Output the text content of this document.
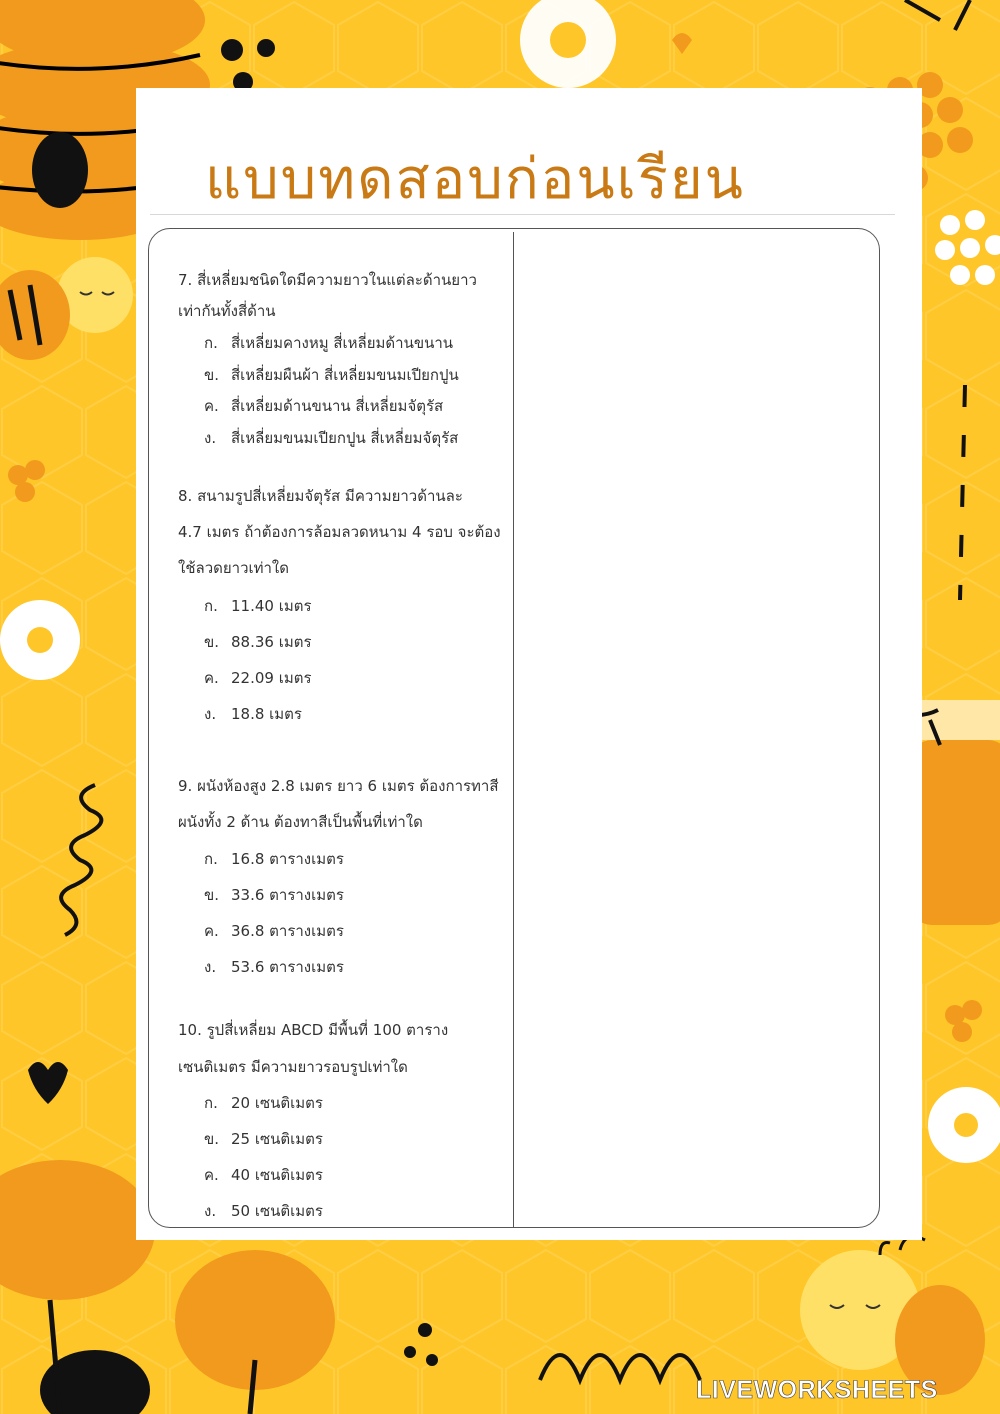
แบบทดสอบก่อนเรียน
7. สี่เหลี่ยมชนิดใดมีความยาวในแต่ละด้านยาว
เท่ากันทั้งสี่ด้าน
ก. สี่เหลี่ยมคางหมู สี่เหลี่ยมด้านขนาน
ข. สี่เหลี่ยมผืนผ้า สี่เหลี่ยมขนมเปียกปูน
ค. สี่เหลี่ยมด้านขนาน สี่เหลี่ยมจัตุรัส
ง. สี่เหลี่ยมขนมเปียกปูน สี่เหลี่ยมจัตุรัส
8. สนามรูปสี่เหลี่ยมจัตุรัส มีความยาวด้านละ
4.7 เมตร ถ้าต้องการล้อมลวดหนาม 4 รอบ จะต้อง
ใช้ลวดยาวเท่าใด
ก. 11.40 เมตร
ข. 88.36 เมตร
ค. 22.09 เมตร
ง. 18.8 เมตร
9. ผนังห้องสูง 2.8 เมตร ยาว 6 เมตร ต้องการทาสี
ผนังทั้ง 2 ด้าน ต้องทาสีเป็นพื้นที่เท่าใด
ก. 16.8 ตารางเมตร
ข. 33.6 ตารางเมตร
ค. 36.8 ตารางเมตร
ง. 53.6 ตารางเมตร
10. รูปสี่เหลี่ยม ABCD มีพื้นที่ 100 ตาราง
เซนติเมตร มีความยาวรอบรูปเท่าใด
ก. 20 เซนติเมตร
ข. 25 เซนติเมตร
ค. 40 เซนติเมตร
ง. 50 เซนติเมตร
LIVEWORKSHEETS
